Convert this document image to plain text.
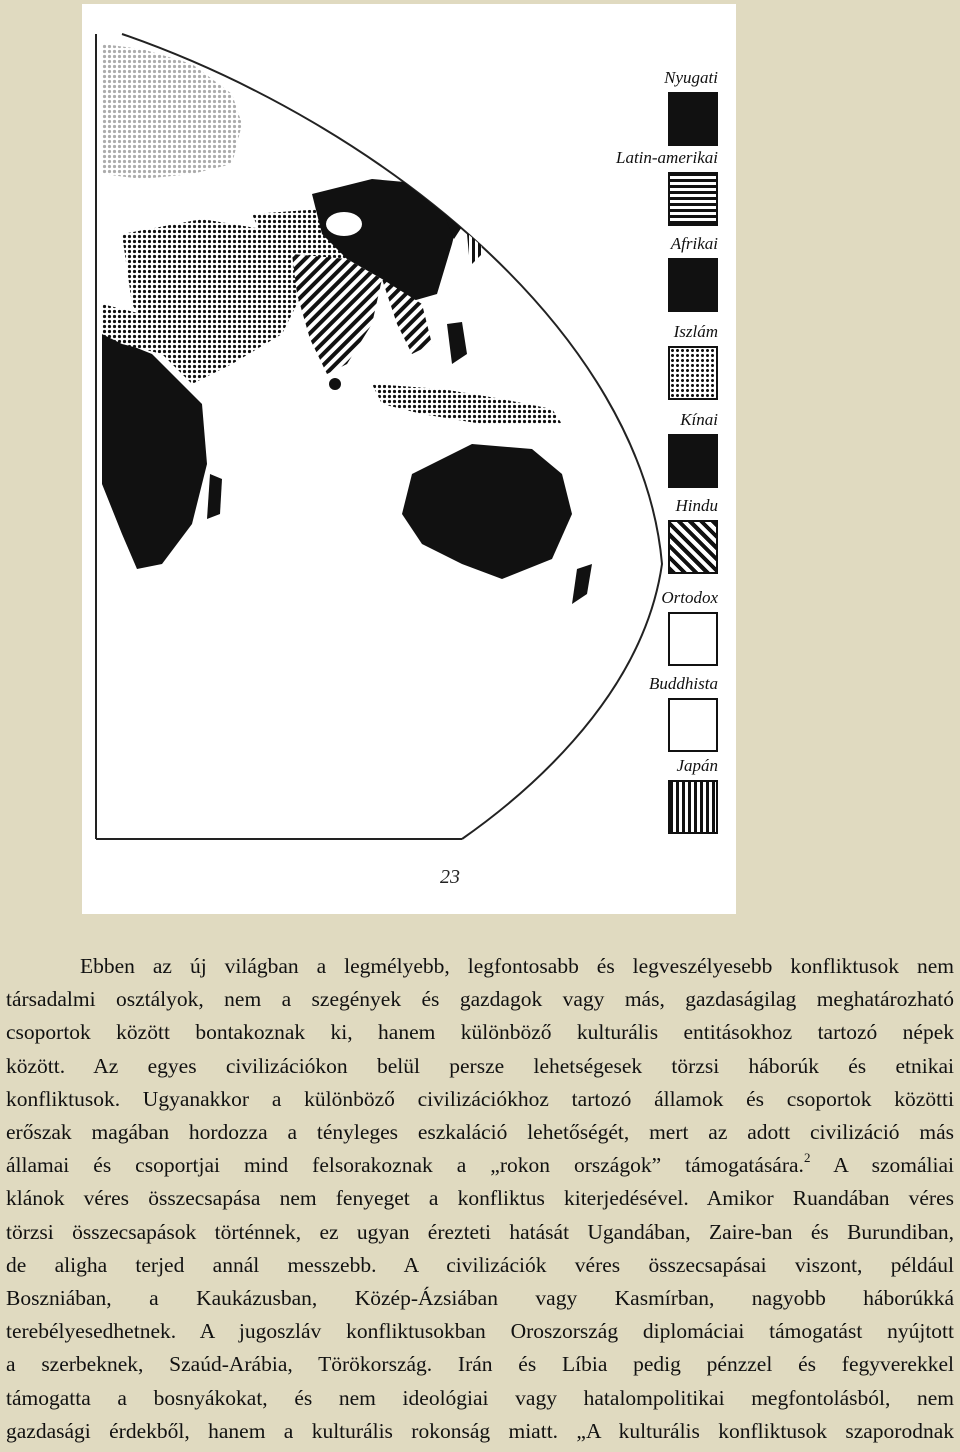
Nyugati
Latin-amerikai
Afrikai
Iszlám
Kínai
Hindu
Ortodox
Buddhista
Japán
23
Ebben az új világban a legmélyebb, legfontosabb és legveszélyesebb konfliktusok nem
társadalmi osztályok, nem a szegények és gazdagok vagy más, gazdaságilag meghatározható
csoportok között bontakoznak ki, hanem különböző kulturális entitásokhoz tartozó népek
között. Az egyes civilizációkon belül persze lehetségesek törzsi háborúk és etnikai
konfliktusok. Ugyanakkor a különböző civilizációkhoz tartozó államok és csoportok közötti
erőszak magában hordozza a tényleges eszkaláció lehetőségét, mert az adott civilizáció más
államai és csoportjai mind felsorakoznak a „rokon országok” támogatására.$^2$ A szomáliai
klánok véres összecsapása nem fenyeget a konfliktus kiterjedésével. Amikor Ruandában véres
törzsi összecsapások történnek, ez ugyan érezteti hatását Ugandában, Zaire-ban és Burundiban,
de aligha terjed annál messzebb. A civilizációk véres összecsapásai viszont, például
Boszniában, a Kaukázusban, Közép-Ázsiában vagy Kasmírban, nagyobb háborúkká
terebélyesedhetnek. A jugoszláv konfliktusokban Oroszország diplomáciai támogatást nyújtott
a szerbeknek, Szaúd-Arábia, Törökország. Irán és Líbia pedig pénzzel és fegyverekkel
támogatta a bosnyákokat, és nem ideológiai vagy hatalompolitikai megfontolásból, nem
gazdasági érdekből, hanem a kulturális rokonság miatt. „A kulturális konfliktusok szaporodnak
